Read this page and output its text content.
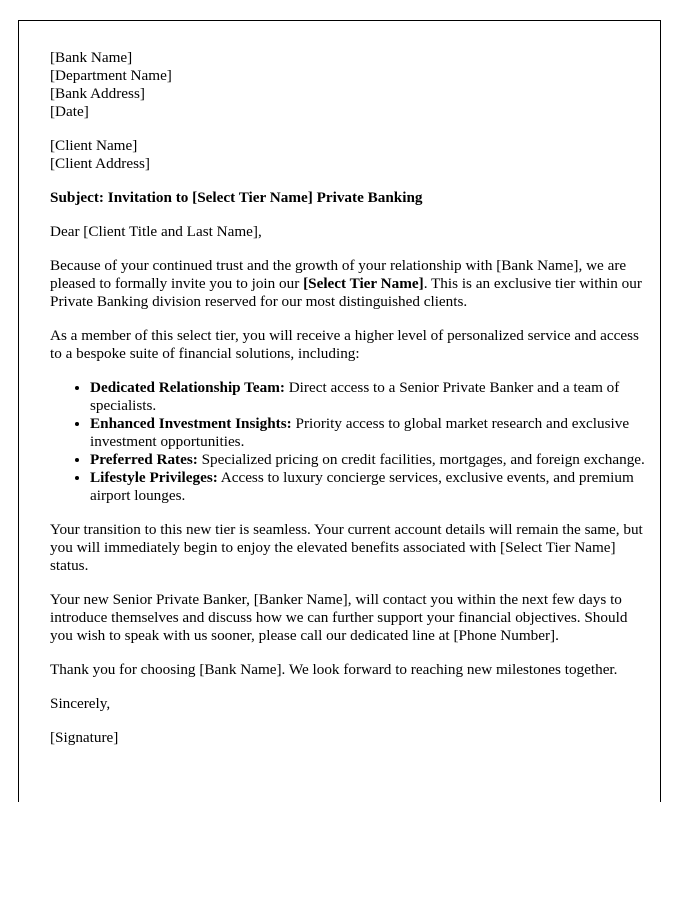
[Bank Name]
[Department Name]
[Bank Address]
[Date]
[Client Name]
[Client Address]

Subject: Invitation to [Select Tier Name] Private Banking

Dear [Client Title and Last Name],

Because of your continued trust and the growth of your relationship with [Bank Name], we are pleased to formally invite you to join our [Select Tier Name]. This is an exclusive tier within our Private Banking division reserved for our most distinguished clients.

As a member of this select tier, you will receive a higher level of personalized service and access to a bespoke suite of financial solutions, including:

• Dedicated Relationship Team: Direct access to a Senior Private Banker and a team of specialists.
• Enhanced Investment Insights: Priority access to global market research and exclusive investment opportunities.
• Preferred Rates: Specialized pricing on credit facilities, mortgages, and foreign exchange.
• Lifestyle Privileges: Access to luxury concierge services, exclusive events, and premium airport lounges.

Your transition to this new tier is seamless. Your current account details will remain the same, but you will immediately begin to enjoy the elevated benefits associated with [Select Tier Name] status.

Your new Senior Private Banker, [Banker Name], will contact you within the next few days to introduce themselves and discuss how we can further support your financial objectives. Should you wish to speak with us sooner, please call our dedicated line at [Phone Number].

Thank you for choosing [Bank Name]. We look forward to reaching new milestones together.

Sincerely,

[Signature]
